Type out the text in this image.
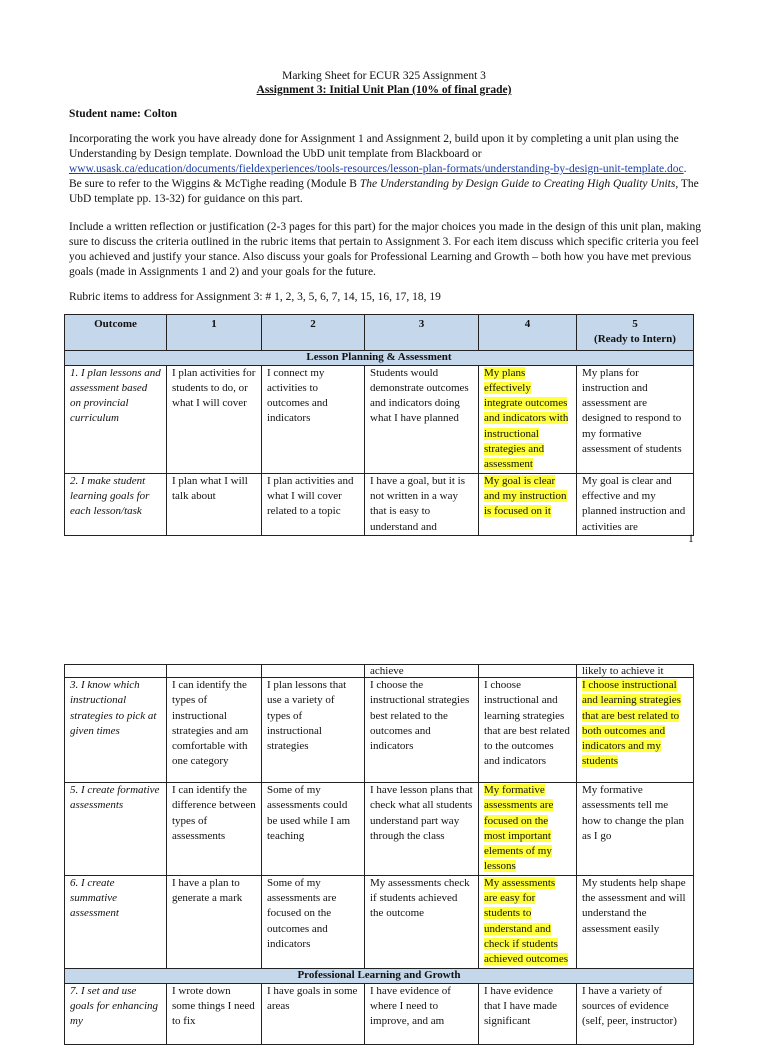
Marking Sheet for ECUR 325 Assignment 3
Assignment 3: Initial Unit Plan (10% of final grade)
Student name: Colton
Incorporating the work you have already done for Assignment 1 and Assignment 2, build upon it by completing a unit plan using the Understanding by Design template. Download the UbD unit template from Blackboard or www.usask.ca/education/documents/fieldexperiences/tools-resources/lesson-plan-formats/understanding-by-design-unit-template.doc. Be sure to refer to the Wiggins & McTighe reading (Module B The Understanding by Design Guide to Creating High Quality Units, The UbD template pp. 13-32) for guidance on this part.
Include a written reflection or justification (2-3 pages for this part) for the major choices you made in the design of this unit plan, making sure to discuss the criteria outlined in the rubric items that pertain to Assignment 3. For each item discuss which specific criteria you feel you achieved and justify your stance. Also discuss your goals for Professional Learning and Growth – both how you have met previous goals (made in Assignments 1 and 2) and your goals for the future.
Rubric items to address for Assignment 3: # 1, 2, 3, 5, 6, 7, 14, 15, 16, 17, 18, 19
Outcome	1	2	3	4	5
(Ready to Intern)
Lesson Planning & Assessment					
1. I plan lessons and assessment based on provincial curriculum	I plan activities for students to do, or what I will cover	I connect my activities to outcomes and indicators	Students would demonstrate outcomes and indicators doing what I have planned	My plans effectively integrate outcomes and indicators with instructional strategies and assessment	My plans for instruction and assessment are designed to respond to my formative assessment of students
2. I make student learning goals for each lesson/task	I plan what I will talk about	I plan activities and what I will cover related to a topic	I have a goal, but it is not written in a way that is easy to understand and	My goal is clear and my instruction is focused on it	My goal is clear and effective and my planned instruction and activities are
1
			achieve		likely to achieve it
3. I know which instructional strategies to pick at given times	I can identify the types of instructional strategies and am comfortable with one category	I plan lessons that use a variety of types of instructional strategies	I choose the instructional strategies best related to the outcomes and indicators	I choose instructional and learning strategies that are best related to the outcomes and indicators	I choose instructional and learning strategies that are best related to both outcomes and indicators and my students
5. I create formative assessments	I can identify the difference between types of assessments	Some of my assessments could be used while I am teaching	I have lesson plans that check what all students understand part way through the class	My formative assessments are focused on the most important elements of my lessons	My formative assessments tell me how to change the plan as I go
6. I create summative assessment	I have a plan to generate a mark	Some of my assessments are focused on the outcomes and indicators	My assessments check if students achieved the outcome	My assessments are easy for students to understand and check if students achieved outcomes	My students help shape the assessment and will understand the assessment easily
Professional Learning and Growth					
7. I set and use goals for enhancing my	I wrote down some things I need to fix	I have goals in some areas	I have evidence of where I need to improve, and am	I have evidence that I have made significant	I have a variety of sources of evidence (self, peer, instructor)
